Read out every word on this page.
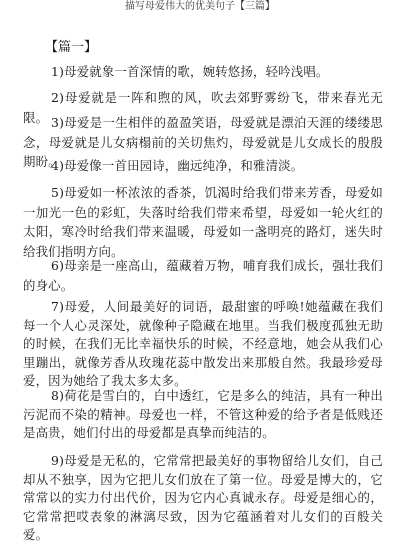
描写母爱伟大的优美句子【三篇】
【篇一】
1)母爱就象一首深情的歌，婉转悠扬，轻吟浅唱。
2)母爱就是一阵和煦的风，吹去郊野雾纷飞，带来春光无限。 3)母爱是一生相伴的盈盈笑语，母爱就是漂泊天涯的缕缕思念，母爱就是儿女病榻前的关切焦灼，母爱就是儿女成长的殷殷期盼。
4)母爱像一首田园诗，幽远纯净，和雅清淡。
5)母爱如一杯浓浓的香茶，饥渴时给我们带来芳香，母爱如一加光一色的彩虹，失落时给我们带来希望，母爱如一轮火红的太阳，寒冷时给我们带来温暖，母爱如一盏明亮的路灯，迷失时给我们指明方向。
6)母亲是一座高山，蕴藏着万物，哺育我们成长，强壮我们的身心。
7)母爱，人间最美好的词语，最甜蜜的呼唤!她蕴藏在我们每一个人心灵深处，就像种子隐藏在地里。当我们极度孤独无助的时候，在我们无比幸福快乐的时候，不经意地，她会从我们心里蹦出，就像芳香从玫瑰花蕊中散发出来那般自然。我最珍爱母爱，因为她给了我太多太多。
8)荷花是雪白的，白中透红，它是多么的纯洁，具有一种出污泥而不染的精神。母爱也一样，不管这种爱的给予者是低贱还是高贵，她们付出的母爱都是真挚而纯洁的。
9)母爱是无私的，它常常把最美好的事物留给儿女们，自己却从不独享，因为它把儿女们放在了第一位。母爱是博大的，它常常以的实力付出代价，因为它内心真诚永存。母爱是细心的，它常常把哎表象的淋漓尽致，因为它蕴涵着对儿女们的百般关爱。
